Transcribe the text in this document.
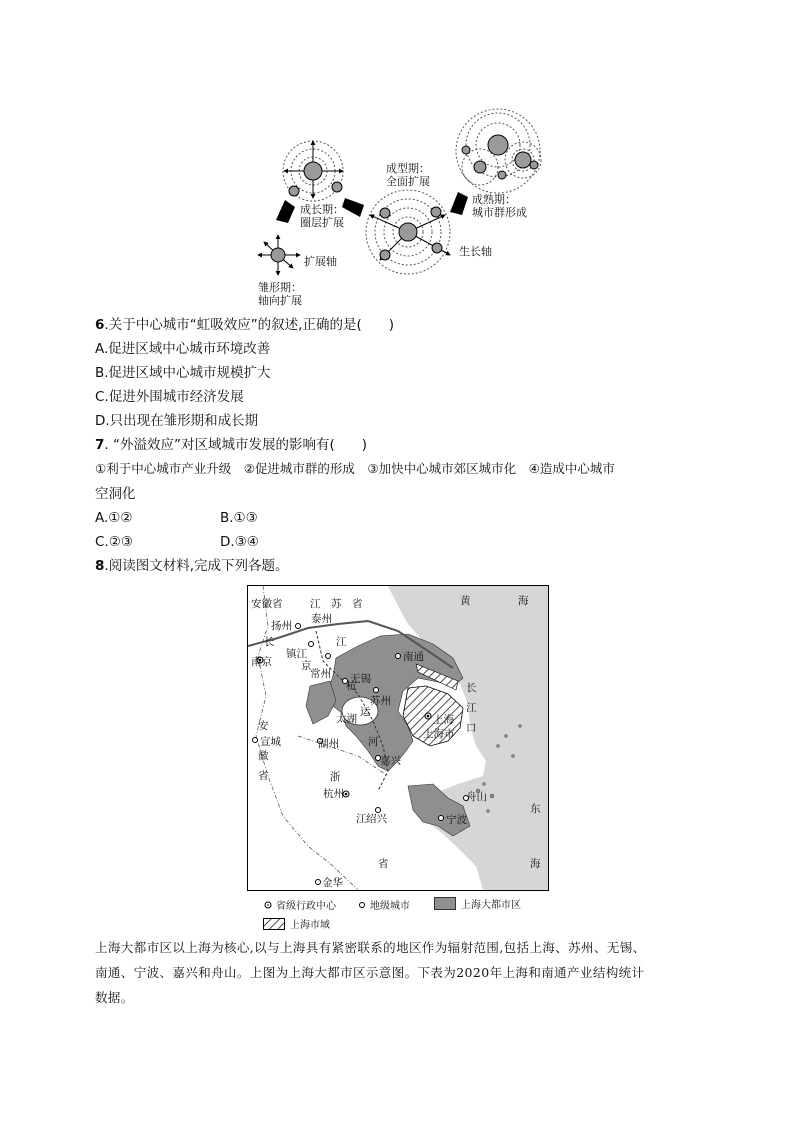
扩展轴
雏形期：
轴向扩展
成长期：
圈层扩展
成型期：
全面扩展
生长轴
成熟期：
城市群形成
6.关于中心城市“虹吸效应”的叙述,正确的是(　　)
A.促进区域中心城市环境改善
B.促进区域中心城市规模扩大
C.促进外围城市经济发展
D.只出现在雏形期和成长期
7. “外溢效应”对区域城市发展的影响有(　　)
①利于中心城市产业升级　②促进城市群的形成　③加快中心城市郊区城市化　④造成中心城市
空洞化
A.①②	B.①③
C.②③	D.③④
8.阅读图文材料,完成下列各题。
安徽省	江　苏　省	黄	海
扬州
泰州
长	江
南京
镇江
京
常州
杭
南通
无锡
苏州
长
江
口
太湖
运
上海
上海市
河
安
宣城
徽
湖州
嘉兴
省	浙
杭州	舟山
东
江 绍兴	宁波
省	海
金华
省级行政中心	地级城市	上海大都市区
上海市域
上海大都市区以上海为核心,以与上海具有紧密联系的地区作为辐射范围,包括上海、苏州、无锡、
南通、宁波、嘉兴和舟山。上图为上海大都市区示意图。下表为2020年上海和南通产业结构统计
数据。
